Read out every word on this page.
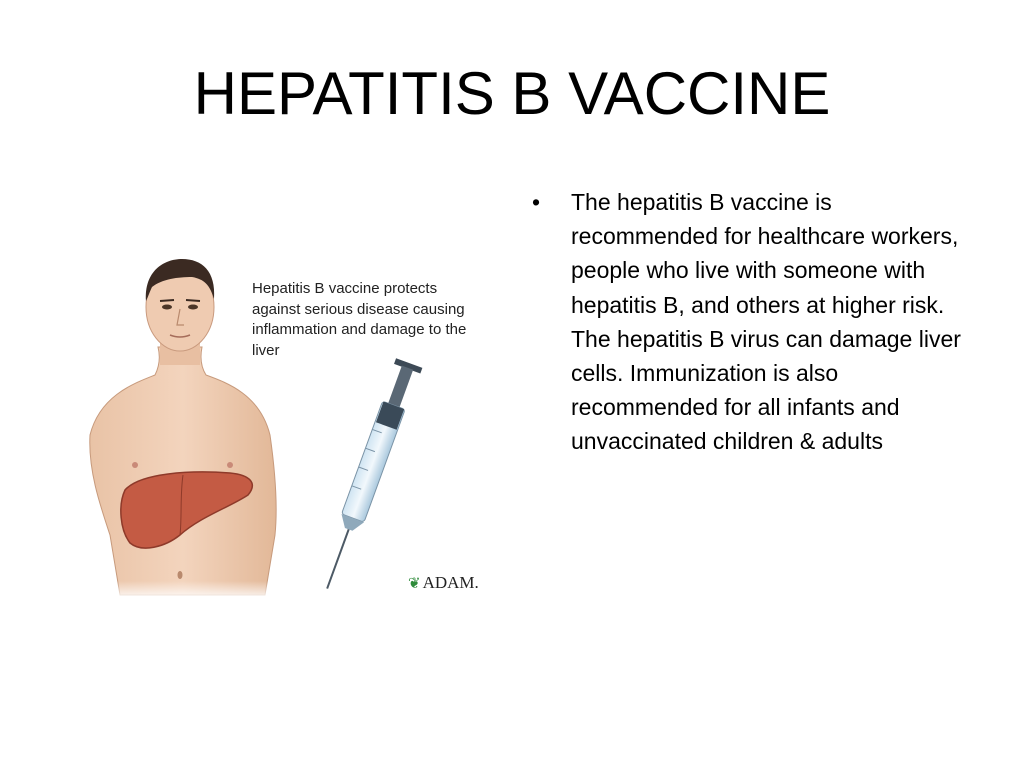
HEPATITIS B VACCINE
Hepatitis B vaccine protects against serious disease causing inflammation and damage to the liver
❦ ADAM.
•	The hepatitis B vaccine is recommended for healthcare workers, people who live with someone with hepatitis B, and others at higher risk. The hepatitis B virus can damage liver cells. Immunization is also recommended for all infants and unvaccinated children & adults
